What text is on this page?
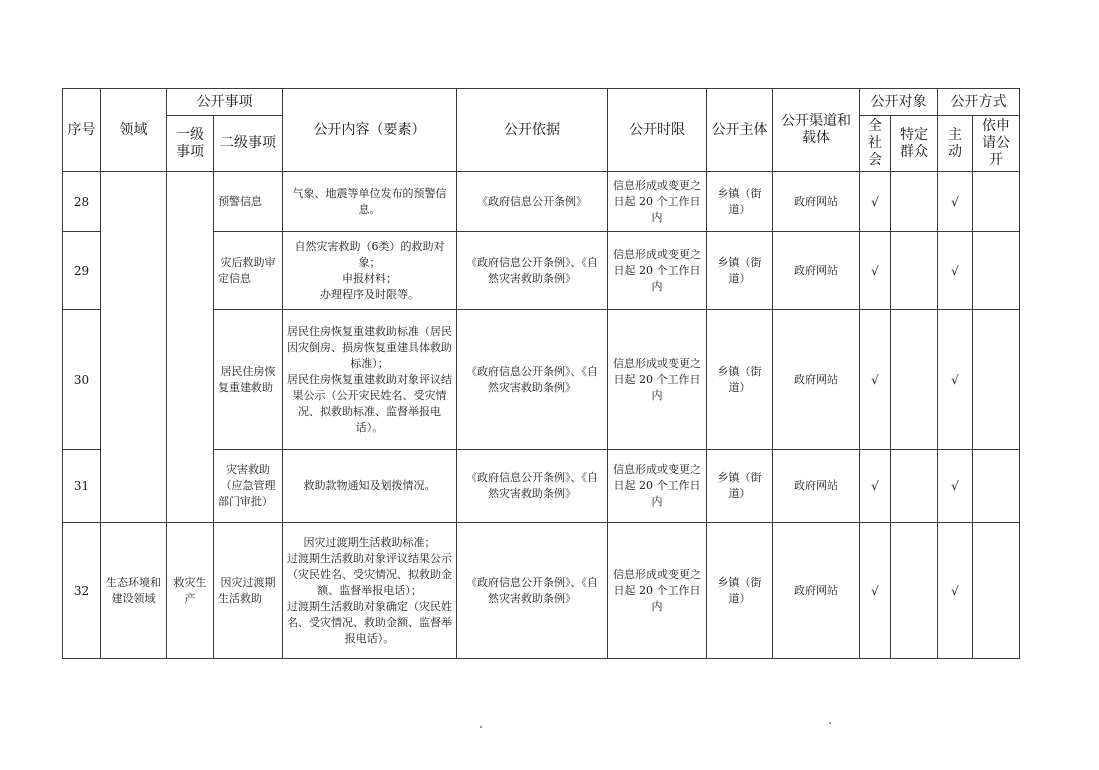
序号	领域	公开事项		公开内容（要素）	公开依据	公开时限	公开主体	公开渠道和载体	公开对象		公开方式	
		一级事项	二级事项						全社会	特定群众	主动	依申请公开
28			预警信息	气象、地震等单位发布的预警信息。	《政府信息公开条例》	信息形成或变更之日起 20 个工作日内	乡镇（街道）	政府网站	√		√	
29			灾后救助审定信息	自然灾害救助（6类）的救助对象；
申报材料；
办理程序及时限等。	《政府信息公开条例》、《自然灾害救助条例》	信息形成或变更之日起 20 个工作日内	乡镇（街道）	政府网站	√		√	
30			居民住房恢复重建救助	居民住房恢复重建救助标准（居民因灾倒房、损房恢复重建具体救助标准）；
居民住房恢复重建救助对象评议结果公示（公开灾民姓名、受灾情况、拟救助标准、监督举报电话）。	《政府信息公开条例》、《自然灾害救助条例》	信息形成或变更之日起 20 个工作日内	乡镇（街道）	政府网站	√		√	
31			灾害救助（应急管理部门审批）	救助款物通知及划拨情况。	《政府信息公开条例》、《自然灾害救助条例》	信息形成或变更之日起 20 个工作日内	乡镇（街道）	政府网站	√		√	
32	生态环境和建设领域	救灾生产	因灾过渡期生活救助	因灾过渡期生活救助标准；
过渡期生活救助对象评议结果公示（灾民姓名、受灾情况、拟救助金额、监督举报电话）；
过渡期生活救助对象确定（灾民姓名、受灾情况、救助金额、监督举报电话）。	《政府信息公开条例》、《自然灾害救助条例》	信息形成或变更之日起 20 个工作日内	乡镇（街道）	政府网站	√		√	
